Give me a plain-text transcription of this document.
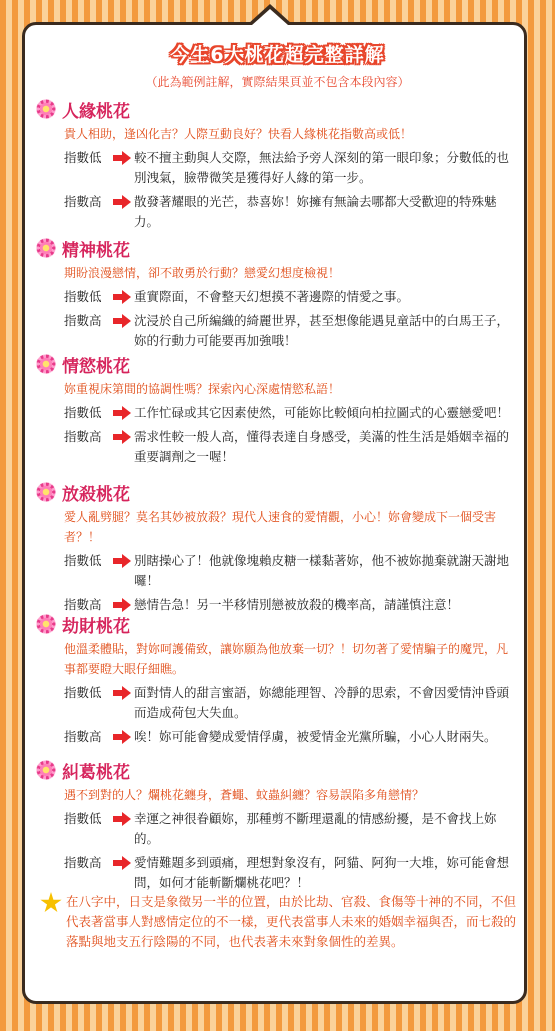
今生6大桃花超完整詳解
（此為範例註解，實際結果頁並不包含本段內容）
人緣桃花
貴人相助，逢凶化吉？人際互動良好？快看人緣桃花指數高或低！
指數低	較不擅主動與人交際，無法給予旁人深刻的第一眼印象；分數低的也別洩氣，臉帶微笑是獲得好人緣的第一步。
指數高	散發著耀眼的光芒，恭喜妳！妳擁有無論去哪都大受歡迎的特殊魅力。
精神桃花
期盼浪漫戀情，卻不敢勇於行動？戀愛幻想度檢視！
指數低	重實際面，不會整天幻想摸不著邊際的情愛之事。
指數高	沈浸於自己所編織的綺麗世界，甚至想像能遇見童話中的白馬王子，妳的行動力可能要再加強哦！
情慾桃花
妳重視床第間的協調性嗎？探索內心深處情慾私語！
指數低	工作忙碌或其它因素使然，可能妳比較傾向柏拉圖式的心靈戀愛吧！
指數高	需求性較一般人高，懂得表達自身感受，美滿的性生活是婚姻幸福的重要調劑之一喔！
放殺桃花
愛人亂劈腿？莫名其妙被放殺？現代人速食的愛情觀，小心！妳會變成下一個受害者？！
指數低	別瞎操心了！他就像塊賴皮糖一樣黏著妳，他不被妳拋棄就謝天謝地囉！
指數高	戀情告急！另一半移情別戀被放殺的機率高，請謹慎注意！
劫財桃花
他溫柔體貼，對妳呵護備致，讓妳願為他放棄一切？！切勿著了愛情騙子的魔咒，凡事都要瞪大眼仔細瞧。
指數低	面對情人的甜言蜜語，妳總能理智、冷靜的思索，不會因愛情沖昏頭而造成荷包大失血。
指數高	唉！妳可能會變成愛情俘虜，被愛情金光黨所騙，小心人財兩失。
糾葛桃花
遇不到對的人？爛桃花纏身，蒼蠅、蚊蟲糾纏？容易誤陷多角戀情？
指數低	幸運之神很眷顧妳，那種剪不斷理還亂的情感紛擾，是不會找上妳的。
指數高	愛情難題多到頭痛，理想對象沒有，阿貓、阿狗一大堆，妳可能會想問，如何才能斬斷爛桃花吧？！
在八字中，日支是象徵另一半的位置，由於比劫、官殺、食傷等十神的不同，不但代表著當事人對感情定位的不一樣，更代表當事人未來的婚姻幸福與否，而七殺的落點與地支五行陰陽的不同，也代表著未來對象個性的差異。
